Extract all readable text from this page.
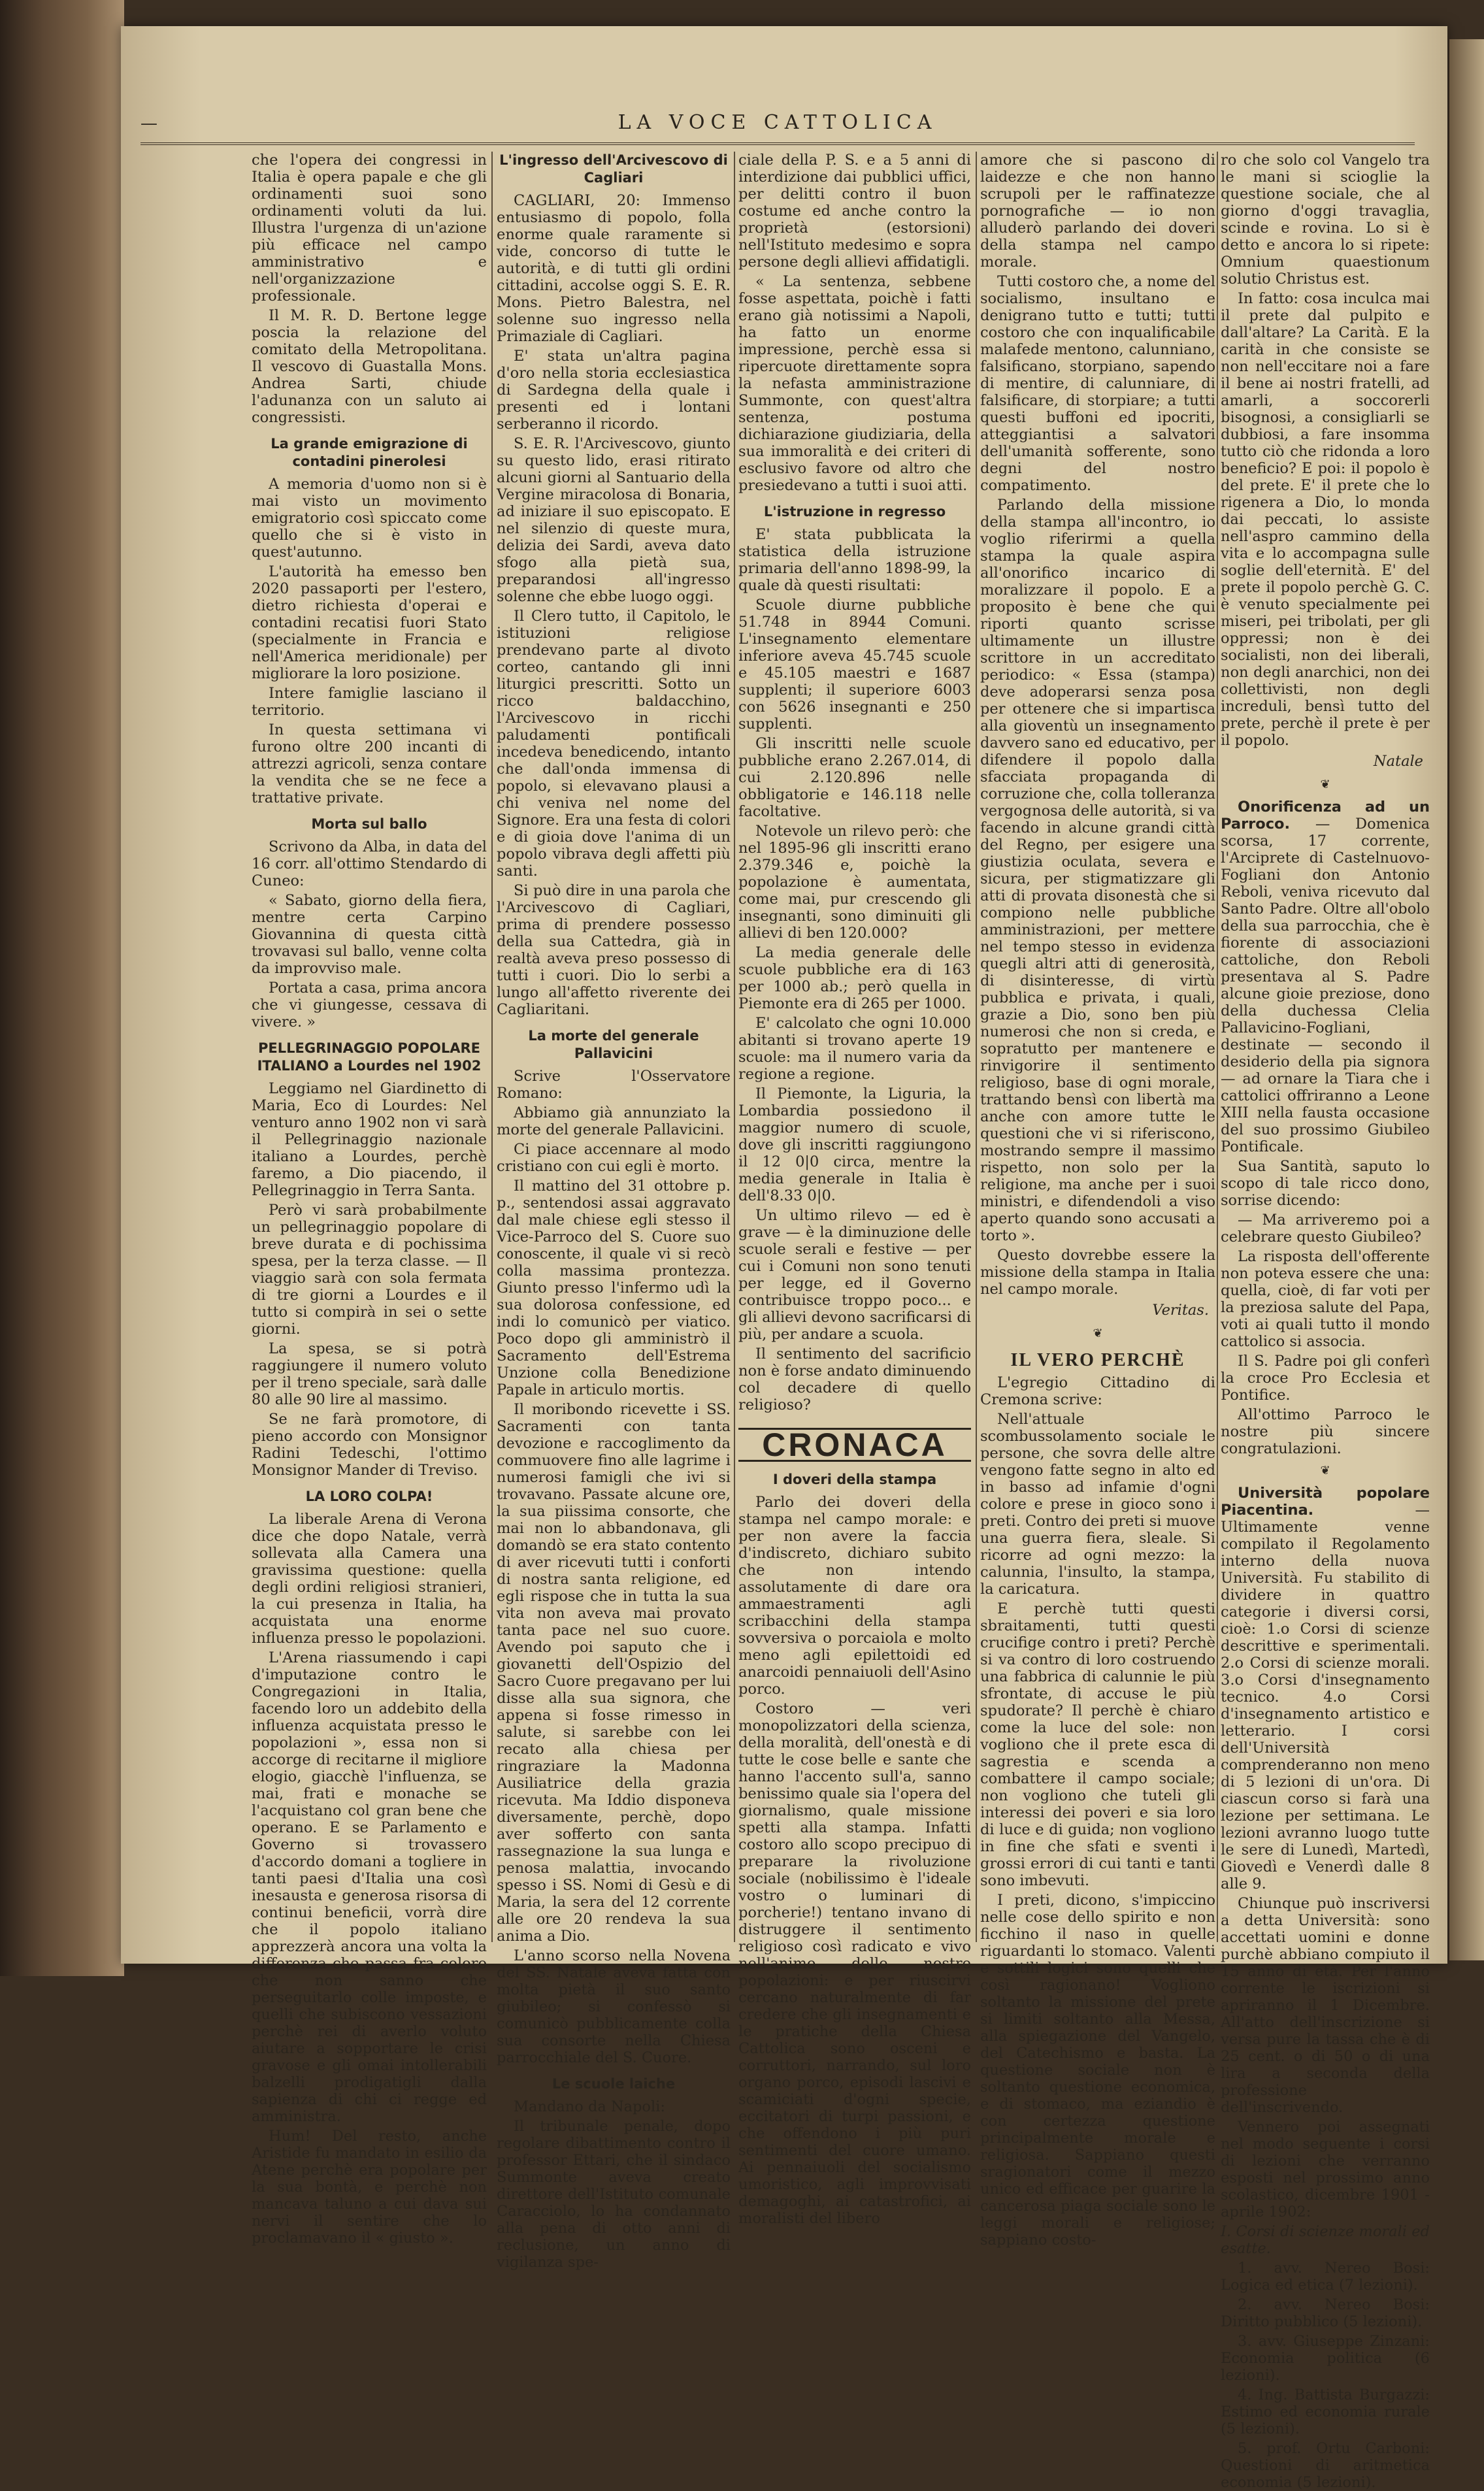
—	LA VOCE CATTOLICA

che l'opera dei congressi in Italia è opera papale e che gli ordinamenti suoi sono ordinamenti voluti da lui. Illustra l'urgenza di un'azione più efficace nel campo amministrativo e nell'organizzazione professionale.

Il M. R. D. Bertone legge poscia la relazione del comitato della Metropolitana. Il vescovo di Guastalla Mons. Andrea Sarti, chiude l'adunanza con un saluto ai congressisti.

La grande emigrazione di contadini pinerolesi

A memoria d'uomo non si è mai visto un movimento emigratorio così spiccato come quello che si è visto in quest'autunno.

L'autorità ha emesso ben 2020 passaporti per l'estero, dietro richiesta d'operai e contadini recatisi fuori Stato (specialmente in Francia e nell'America meridionale) per migliorare la loro posizione.

Intere famiglie lasciano il territorio.

In questa settimana vi furono oltre 200 incanti di attrezzi agricoli, senza contare la vendita che se ne fece a trattative private.

Morta sul ballo

Scrivono da Alba, in data del 16 corr. all'ottimo Stendardo di Cuneo:

« Sabato, giorno della fiera, mentre certa Carpino Giovannina di questa città trovavasi sul ballo, venne colta da improvviso male.

Portata a casa, prima ancora che vi giungesse, cessava di vivere. »

PELLEGRINAGGIO POPOLARE ITALIANO a Lourdes nel 1902

Leggiamo nel Giardinetto di Maria, Eco di Lourdes: Nel venturo anno 1902 non vi sarà il Pellegrinaggio nazionale italiano a Lourdes, perchè faremo, a Dio piacendo, il Pellegrinaggio in Terra Santa.

Però vi sarà probabilmente un pellegrinaggio popolare di breve durata e di pochissima spesa, per la terza classe. — Il viaggio sarà con sola fermata di tre giorni a Lourdes e il tutto si compirà in sei o sette giorni.

La spesa, se si potrà raggiungere il numero voluto per il treno speciale, sarà dalle 80 alle 90 lire al massimo.

Se ne farà promotore, di pieno accordo con Monsignor Radini Tedeschi, l'ottimo Monsignor Mander di Treviso.

LA LORO COLPA!

La liberale Arena di Verona dice che dopo Natale, verrà sollevata alla Camera una gravissima questione: quella degli ordini religiosi stranieri, la cui presenza in Italia, ha acquistata una enorme influenza presso le popolazioni.

L'Arena riassumendo i capi d'imputazione contro le Congregazioni in Italia, facendo loro un addebito della influenza acquistata presso le popolazioni », essa non si accorge di recitarne il migliore elogio, giacchè l'influenza, se mai, frati e monache se l'acquistano col gran bene che operano. E se Parlamento e Governo si trovassero d'accordo domani a togliere in tanti paesi d'Italia una così inesausta e generosa risorsa di continui beneficii, vorrà dire che il popolo italiano apprezzerà ancora una volta la differenza che passa fra coloro che non sanno che perseguitarlo colle imposte, e quelli che subiscono vessazioni perchè rei di averlo voluto aiutare a sopportare le crisi gravose e gli omai intollerabili balzelli prodigatigli dalla sapienza di chi ci regge ed amministra.

Hum! Del resto, anche Aristide fu mandato in esilio da Atene perchè era popolare per la sua bontà, e perchè non mancava taluno a cui dava sui nervi il sentire che lo proclamavano il « giusto ».

L'ingresso dell'Arcivescovo di Cagliari

CAGLIARI, 20: Immenso entusiasmo di popolo, folla enorme quale raramente si vide, concorso di tutte le autorità, e di tutti gli ordini cittadini, accolse oggi S. E. R. Mons. Pietro Balestra, nel solenne suo ingresso nella Primaziale di Cagliari.

E' stata un'altra pagina d'oro nella storia ecclesiastica di Sardegna della quale i presenti ed i lontani serberanno il ricordo.

S. E. R. l'Arcivescovo, giunto su questo lido, erasi ritirato alcuni giorni al Santuario della Vergine miracolosa di Bonaria, ad iniziare il suo episcopato. E nel silenzio di queste mura, delizia dei Sardi, aveva dato sfogo alla pietà sua, preparandosi all'ingresso solenne che ebbe luogo oggi.

Il Clero tutto, il Capitolo, le istituzioni religiose prendevano parte al divoto corteo, cantando gli inni liturgici prescritti. Sotto un ricco baldacchino, l'Arcivescovo in ricchi paludamenti pontificali incedeva benedicendo, intanto che dall'onda immensa di popolo, si elevavano plausi a chi veniva nel nome del Signore. Era una festa di colori e di gioia dove l'anima di un popolo vibrava degli affetti più santi.

Si può dire in una parola che l'Arcivescovo di Cagliari, prima di prendere possesso della sua Cattedra, già in realtà aveva preso possesso di tutti i cuori. Dio lo serbi a lungo all'affetto riverente dei Cagliaritani.

La morte del generale Pallavicini

Scrive l'Osservatore Romano:

Abbiamo già annunziato la morte del generale Pallavicini.

Ci piace accennare al modo cristiano con cui egli è morto.

Il mattino del 31 ottobre p. p., sentendosi assai aggravato dal male chiese egli stesso il Vice-Parroco del S. Cuore suo conoscente, il quale vi si recò colla massima prontezza. Giunto presso l'infermo udì la sua dolorosa confessione, ed indi lo comunicò per viatico. Poco dopo gli amministrò il Sacramento dell'Estrema Unzione colla Benedizione Papale in articulo mortis.

Il moribondo ricevette i SS. Sacramenti con tanta devozione e raccoglimento da commuovere fino alle lagrime i numerosi famigli che ivi si trovavano. Passate alcune ore, la sua piissima consorte, che mai non lo abbandonava, gli domandò se era stato contento di aver ricevuti tutti i conforti di nostra santa religione, ed egli rispose che in tutta la sua vita non aveva mai provato tanta pace nel suo cuore. Avendo poi saputo che i giovanetti dell'Ospizio del Sacro Cuore pregavano per lui disse alla sua signora, che appena si fosse rimesso in salute, si sarebbe con lei recato alla chiesa per ringraziare la Madonna Ausiliatrice della grazia ricevuta. Ma Iddio disponeva diversamente, perchè, dopo aver sofferto con santa rassegnazione la sua lunga e penosa malattia, invocando spesso i SS. Nomi di Gesù e di Maria, la sera del 12 corrente alle ore 20 rendeva la sua anima a Dio.

L'anno scorso nella Novena del SS. Natale aveva fatta con molta pietà il suo santo giubileo; si confessò si comunicò pubblicamente colla sua consorte nella Chiesa parrocchiale del S. Cuore.

Le scuole laiche

Mandano da Napoli:

Il tribunale penale, dopo regolare dibattimento contro il professor Ettari, che il sindaco Summonte aveva creato direttore dell'Istituto comunale Caracciolo, lo ha condannato alla pena di otto anni di reclusione, un anno di vigilanza spe-

ciale della P. S. e a 5 anni di interdizione dai pubblici uffici, per delitti contro il buon costume ed anche contro la proprietà (estorsioni) nell'Istituto medesimo e sopra persone degli allievi affidatigli.

« La sentenza, sebbene fosse aspettata, poichè i fatti erano già notissimi a Napoli, ha fatto un enorme impressione, perchè essa si ripercuote direttamente sopra la nefasta amministrazione Summonte, con quest'altra sentenza, postuma dichiarazione giudiziaria, della sua immoralità e dei criteri di esclusivo favore od altro che presiedevano a tutti i suoi atti.

L'istruzione in regresso

E' stata pubblicata la statistica della istruzione primaria dell'anno 1898-99, la quale dà questi risultati:

Scuole diurne pubbliche 51.748 in 8944 Comuni. L'insegnamento elementare inferiore aveva 45.745 scuole e 45.105 maestri e 1687 supplenti; il superiore 6003 con 5626 insegnanti e 250 supplenti.

Gli inscritti nelle scuole pubbliche erano 2.267.014, di cui 2.120.896 nelle obbligatorie e 146.118 nelle facoltative.

Notevole un rilevo però: che nel 1895-96 gli inscritti erano 2.379.346 e, poichè la popolazione è aumentata, come mai, pur crescendo gli insegnanti, sono diminuiti gli allievi di ben 120.000?

La media generale delle scuole pubbliche era di 163 per 1000 ab.; però quella in Piemonte era di 265 per 1000.

E' calcolato che ogni 10.000 abitanti si trovano aperte 19 scuole: ma il numero varia da regione a regione.

Il Piemonte, la Liguria, la Lombardia possiedono il maggior numero di scuole, dove gli inscritti raggiungono il 12 0|0 circa, mentre la media generale in Italia è dell'8.33 0|0.

Un ultimo rilevo — ed è grave — è la diminuzione delle scuole serali e festive — per cui i Comuni non sono tenuti per legge, ed il Governo contribuisce troppo poco... e gli allievi devono sacrificarsi di più, per andare a scuola.

Il sentimento del sacrificio non è forse andato diminuendo col decadere di quello religioso?

CRONACA
I doveri della stampa

Parlo dei doveri della stampa nel campo morale: e per non avere la faccia d'indiscreto, dichiaro subito che non intendo assolutamente di dare ora ammaestramenti agli scribacchini della stampa sovversiva o porcaiola e molto meno agli epilettoidi ed anarcoidi pennaiuoli dell'Asino porco.

Costoro — veri monopolizzatori della scienza, della moralità, dell'onestà e di tutte le cose belle e sante che hanno l'accento sull'a, sanno benissimo quale sia l'opera del giornalismo, quale missione spetti alla stampa. Infatti costoro allo scopo precipuo di preparare la rivoluzione sociale (nobilissimo è l'ideale vostro o luminari di porcherie!) tentano invano di distruggere il sentimento religioso così radicato e vivo nell'animo delle nostre popolazioni: e per riuscirvi cercano naturalmente di far credere che gli insegnamenti e le pratiche della Chiesa Cattolica sono osceni e corruttori, narrando, sul loro organo porco, episodi lascivi e scamiciati d'ogni specie, eccitatori di turpi passioni, e che offendono i più puri sentimenti del cuore umano. Ai pennaiuoli del socialismo umoristico, agli improvvisati demagoghi, ai catastrofici, ai moralisti del libero

amore che si pascono di laidezze e che non hanno scrupoli per le raffinatezze pornografiche — io non alluderò parlando dei doveri della stampa nel campo morale.

Tutti costoro che, a nome del socialismo, insultano e denigrano tutto e tutti; tutti costoro che con inqualificabile malafede mentono, calunniano, falsificano, storpiano, sapendo di mentire, di calunniare, di falsificare, di storpiare; a tutti questi buffoni ed ipocriti, atteggiantisi a salvatori dell'umanità sofferente, sono degni del nostro compatimento.

Parlando della missione della stampa all'incontro, io voglio riferirmi a quella stampa la quale aspira all'onorifico incarico di moralizzare il popolo. E a proposito è bene che qui riporti quanto scrisse ultimamente un illustre scrittore in un accreditato periodico: « Essa (stampa) deve adoperarsi senza posa per ottenere che si impartisca alla gioventù un insegnamento davvero sano ed educativo, per difendere il popolo dalla sfacciata propaganda di corruzione che, colla tolleranza vergognosa delle autorità, si va facendo in alcune grandi città del Regno, per esigere una giustizia oculata, severa e sicura, per stigmatizzare gli atti di provata disonestà che si compiono nelle pubbliche amministrazioni, per mettere nel tempo stesso in evidenza quegli altri atti di generosità, di disinteresse, di virtù pubblica e privata, i quali, grazie a Dio, sono ben più numerosi che non si creda, e sopratutto per mantenere e rinvigorire il sentimento religioso, base di ogni morale, trattando bensì con libertà ma anche con amore tutte le questioni che vi si riferiscono, mostrando sempre il massimo rispetto, non solo per la religione, ma anche per i suoi ministri, e difendendoli a viso aperto quando sono accusati a torto ».

Questo dovrebbe essere la missione della stampa in Italia nel campo morale.

Veritas.

❦
IL VERO PERCHÈ

L'egregio Cittadino di Cremona scrive:

Nell'attuale scombussolamento sociale le persone, che sovra delle altre vengono fatte segno in alto ed in basso ad infamie d'ogni colore e prese in gioco sono i preti. Contro dei preti si muove una guerra fiera, sleale. Si ricorre ad ogni mezzo: la calunnia, l'insulto, la stampa, la caricatura.

E perchè tutti questi sbraitamenti, tutti questi crucifige contro i preti? Perchè si va contro di loro costruendo una fabbrica di calunnie le più sfrontate, di accuse le più spudorate? Il perchè è chiaro come la luce del sole: non vogliono che il prete esca di sagrestia e scenda a combattere il campo sociale; non vogliono che tuteli gli interessi dei poveri e sia loro di luce e di guida; non vogliono in fine che sfati e sventi i grossi errori di cui tanti e tanti sono imbevuti.

I preti, dicono, s'impiccino nelle cose dello spirito e non ficchino il naso in quelle riguardanti lo stomaco. Valenti e sottili logici sono quelli che così ragionano! Vogliono soltanto la missione del prete si limiti soltanto alla Messa, alla spiegazione del Vangelo, del Catechismo e basta. La questione sociale non è soltanto questione economica, e di stomaco, ma eziandio è con certezza questione principalmente morale e religiosa. Sappiano questi sragionatori come il mezzo unico ed efficace per guarire la cancerosa piaga sociale sono le leggi morali e religiose; sappiano costo-

ro che solo col Vangelo tra le mani si scioglie la questione sociale, che al giorno d'oggi travaglia, scinde e rovina. Lo si è detto e ancora lo si ripete: Omnium quaestionum solutio Christus est.

In fatto: cosa inculca mai il prete dal pulpito e dall'altare? La Carità. E la carità in che consiste se non nell'eccitare noi a fare il bene ai nostri fratelli, ad amarli, a soccorerli bisognosi, a consigliarli se dubbiosi, a fare insomma tutto ciò che ridonda a loro beneficio? E poi: il popolo è del prete. E' il prete che lo rigenera a Dio, lo monda dai peccati, lo assiste nell'aspro cammino della vita e lo accompagna sulle soglie dell'eternità. E' del prete il popolo perchè G. C. è venuto specialmente pei miseri, pei tribolati, per gli oppressi; non è dei socialisti, non dei liberali, non degli anarchici, non dei collettivisti, non degli increduli, bensì tutto del prete, perchè il prete è per il popolo.

Natale

❦

Onorificenza ad un Parroco. — Domenica scorsa, 17 corrente, l'Arciprete di Castelnuovo-Fogliani don Antonio Reboli, veniva ricevuto dal Santo Padre. Oltre all'obolo della sua parrocchia, che è fiorente di associazioni cattoliche, don Reboli presentava al S. Padre alcune gioie preziose, dono della duchessa Clelia Pallavicino-Fogliani, destinate — secondo il desiderio della pia signora — ad ornare la Tiara che i cattolici offriranno a Leone XIII nella fausta occasione del suo prossimo Giubileo Pontificale.

Sua Santità, saputo lo scopo di tale ricco dono, sorrise dicendo:

— Ma arriveremo poi a celebrare questo Giubileo?

La risposta dell'offerente non poteva essere che una: quella, cioè, di far voti per la preziosa salute del Papa, voti ai quali tutto il mondo cattolico si associa.

Il S. Padre poi gli conferì la croce Pro Ecclesia et Pontifice.

All'ottimo Parroco le nostre più sincere congratulazioni.

❦

Università popolare Piacentina.	— Ultimamente venne compilato il Regolamento interno della nuova Università. Fu stabilito di dividere in quattro categorie i diversi corsi, cioè: 1.o Corsi di scienze descrittive e sperimentali. 2.o Corsi di scienze morali. 3.o Corsi d'insegnamento tecnico. 4.o Corsi d'insegnamento artistico e letterario. I corsi dell'Università comprenderanno non meno di 5 lezioni di un'ora. Di ciascun corso si farà una lezione per settimana. Le lezioni avranno luogo tutte le sere di Lunedì, Martedì, Giovedì e Venerdì dalle 8 alle 9.

Chiunque può inscriversi a detta Università: sono accettati uomini e donne purchè abbiano compiuto il 15 anno di età. Per l'anno corrente le iscrizioni si apriranno il 1 Dicembre. All'atto dell'inscrizione si versa pure la tassa che è di 25 cent. o di 50 o di una lira a seconda della professione dell'inscrivendo.

Vennero poi assegnati nel modo seguente i corsi di lezioni che verranno esposti nel prossimo anno scolastico, dicembre 1901 - aprile 1902:

I. Corsi di scienze morali ed esatte.

1. avv. Nereo Bosi: Logica ed etica (7 lezioni).

2. avv. Nereo Bosi: Diritto pubblico (5 lezioni).

3. avv. Giuseppe Zinzani: Economia politica (6 lezioni).

4. Ing. Battista Burgazzi: Estimo ed economia rurale (5 lezioni).

5. prof. Ortu Carboni: Questioni di aritmetica economia (5 lezioni).
